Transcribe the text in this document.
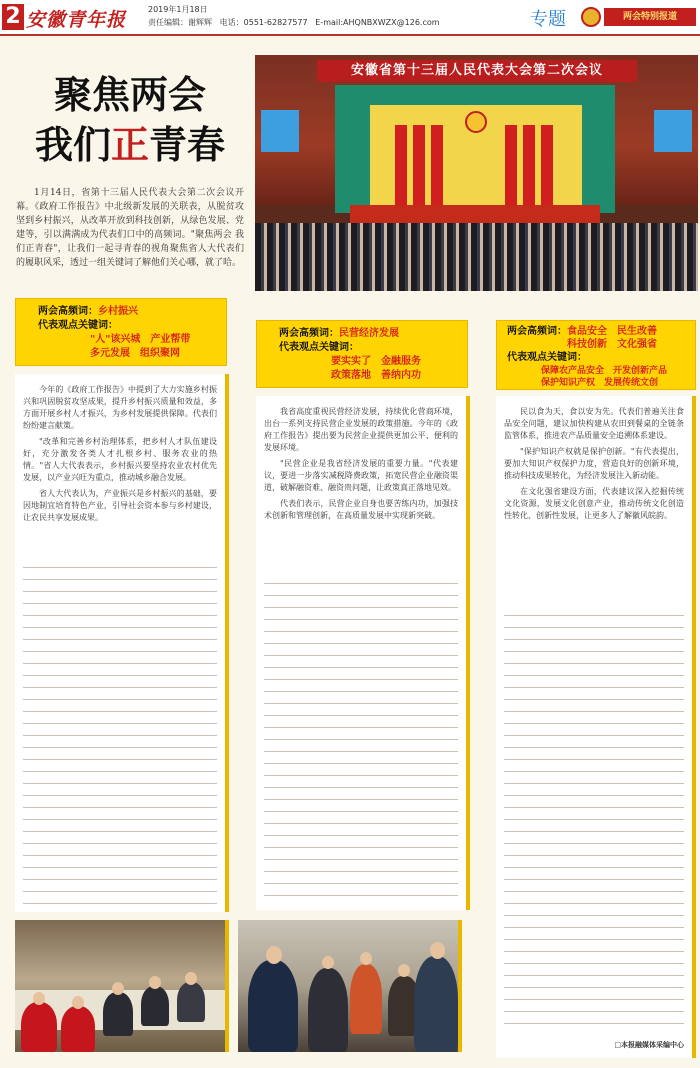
2 安徽青年报	2019年1月18日
责任编辑：谢辉辉 电话：0551-62827577 E-mail:AHQNBXWZX@126.com	专题	两会特别报道
聚焦两会
我们正青春
1月14日，省第十三届人民代表大会第二次会议开幕。《政府工作报告》中北级新发展的关联表，从脱贫攻坚到乡村振兴，从改革开放到科技创新，从绿色发展、党建等，引以满满成为代表们口中的高频词。"聚焦两会 我们正青春"，让我们一起寻青春的视角聚焦省人大代表们的履职风采，透过一组关键词了解他们关心哪，就了哈。
安徽省第十三届人民代表大会第二次会议
两会高频词：乡村振兴
代表观点关键词：
"人"该兴城　产业帮带
多元发展　组织聚网
两会高频词：民营经济发展
代表观点关键词：
要实实了　金融服务
政策落地　善纳内功
两会高频词：食品安全　民生改善
科技创新　文化强省
代表观点关键词：
保障农产品安全　开发创新产品
保护知识产权　发展传统文创

今年的《政府工作报告》中提到了大力实施乡村振兴和巩固脱贫攻坚成果，提升乡村振兴质量和效益，多方面开展乡村人才振兴，为乡村发展提供保障。代表们纷纷建言献策。

"改革和完善乡村治理体系，把乡村人才队伍建设好，充分激发各类人才扎根乡村、服务农业的热情。"省人大代表表示，乡村振兴要坚持农业农村优先发展，以产业兴旺为重点，推动城乡融合发展。

省人大代表认为，产业振兴是乡村振兴的基础，要因地制宜培育特色产业，引导社会资本参与乡村建设，让农民共享发展成果。

我省高度重视民营经济发展，持续优化营商环境，出台一系列支持民营企业发展的政策措施。今年的《政府工作报告》提出要为民营企业提供更加公平、便利的发展环境。

"民营企业是我省经济发展的重要力量。"代表建议，要进一步落实减税降费政策，拓宽民营企业融资渠道，破解融资难、融资贵问题，让政策真正落地见效。

代表们表示，民营企业自身也要苦练内功，加强技术创新和管理创新，在高质量发展中实现新突破。

民以食为天，食以安为先。代表们普遍关注食品安全问题，建议加快构建从农田到餐桌的全链条监管体系，推进农产品质量安全追溯体系建设。

"保护知识产权就是保护创新。"有代表提出，要加大知识产权保护力度，营造良好的创新环境，推动科技成果转化，为经济发展注入新动能。

在文化强省建设方面，代表建议深入挖掘传统文化资源，发展文化创意产业，推动传统文化创造性转化、创新性发展，让更多人了解徽风皖韵。

□本报融媒体采编中心
